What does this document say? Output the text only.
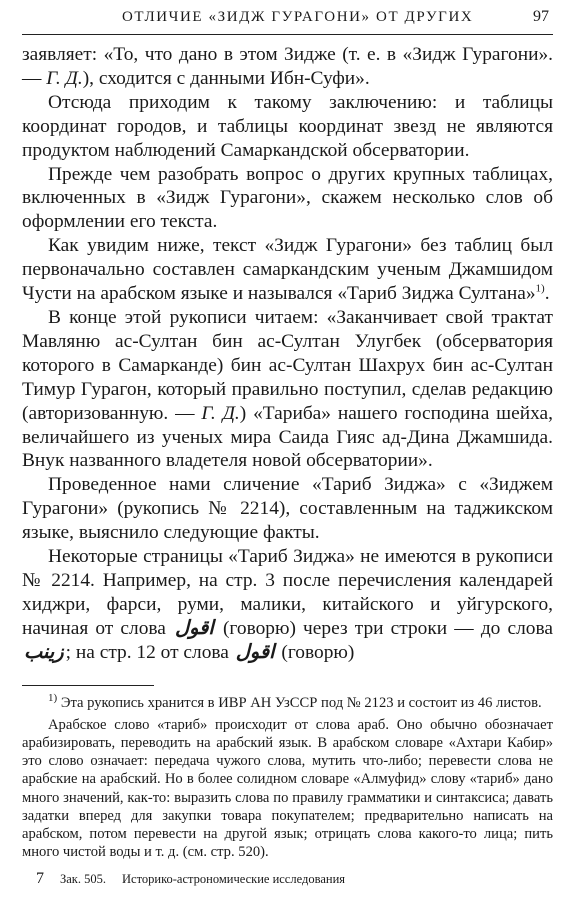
ОТЛИЧИЕ «ЗИДЖ ГУРАГОНИ» ОТ ДРУГИХ	97

заявляет: «То, что дано в этом Зидже (т. е. в «Зидж Гурагони». — Г. Д.), сходится с данными Ибн-Суфи».

Отсюда приходим к такому заключению: и таблицы координат городов, и таблицы координат звезд не являются продуктом наблюдений Самаркандской обсерватории.

Прежде чем разобрать вопрос о других крупных таблицах, включенных в «Зидж Гурагони», скажем несколько слов об оформлении его текста.

Как увидим ниже, текст «Зидж Гурагони» без таблиц был первоначально составлен самаркандским ученым Джамшидом Чусти на арабском языке и назывался «Тариб Зиджа Султана»$^{1)}$.

В конце этой рукописи читаем: «Заканчивает свой трактат Мавляню ас-Султан бин ас-Султан Улугбек (обсерватория которого в Самарканде) бин ас-Султан Шахрух бин ас-Султан Тимур Гурагон, который правильно поступил, сделав редакцию (авторизованную. — Г. Д.) «Тариба» нашего господина шейха, величайшего из ученых мира Саида Гияс ад-Дина Джамшида. Внук названного владетеля новой обсерватории».

Проведенное нами сличение «Тариб Зиджа» с «Зиджем Гурагони» (рукопись № 2214), составленным на таджикском языке, выяснило следующие факты.

Некоторые страницы «Тариб Зиджа» не имеются в рукописи № 2214. Например, на стр. 3 после перечисления календарей хиджри, фарси, руми, малики, китайского и уйгурского, начиная от слова اقول (говорю) через три строки — до слова زینب ; на стр. 12 от слова اقول (говорю)

$^{1)}$ Эта рукопись хранится в ИВР АН УзССР под № 2123 и состоит из 46 листов.

Арабское слово «тариб» происходит от слова араб. Оно обычно обозначает арабизировать, переводить на арабский язык. В арабском словаре «Ахтари Кабир» это слово означает: передача чужого слова, мутить что-либо; перевести слова не арабские на арабский. Но в более солидном словаре «Алмуфид» слову «тариб» дано много значений, как-то: выразить слова по правилу грамматики и синтаксиса; давать задатки вперед для закупки товара покупателем; предварительно написать на арабском, потом перевести на другой язык; отрицать слова какого-то лица; пить много чистой воды и т. д. (см. стр. 520).

7 Зак. 505. Историко-астрономические исследования
